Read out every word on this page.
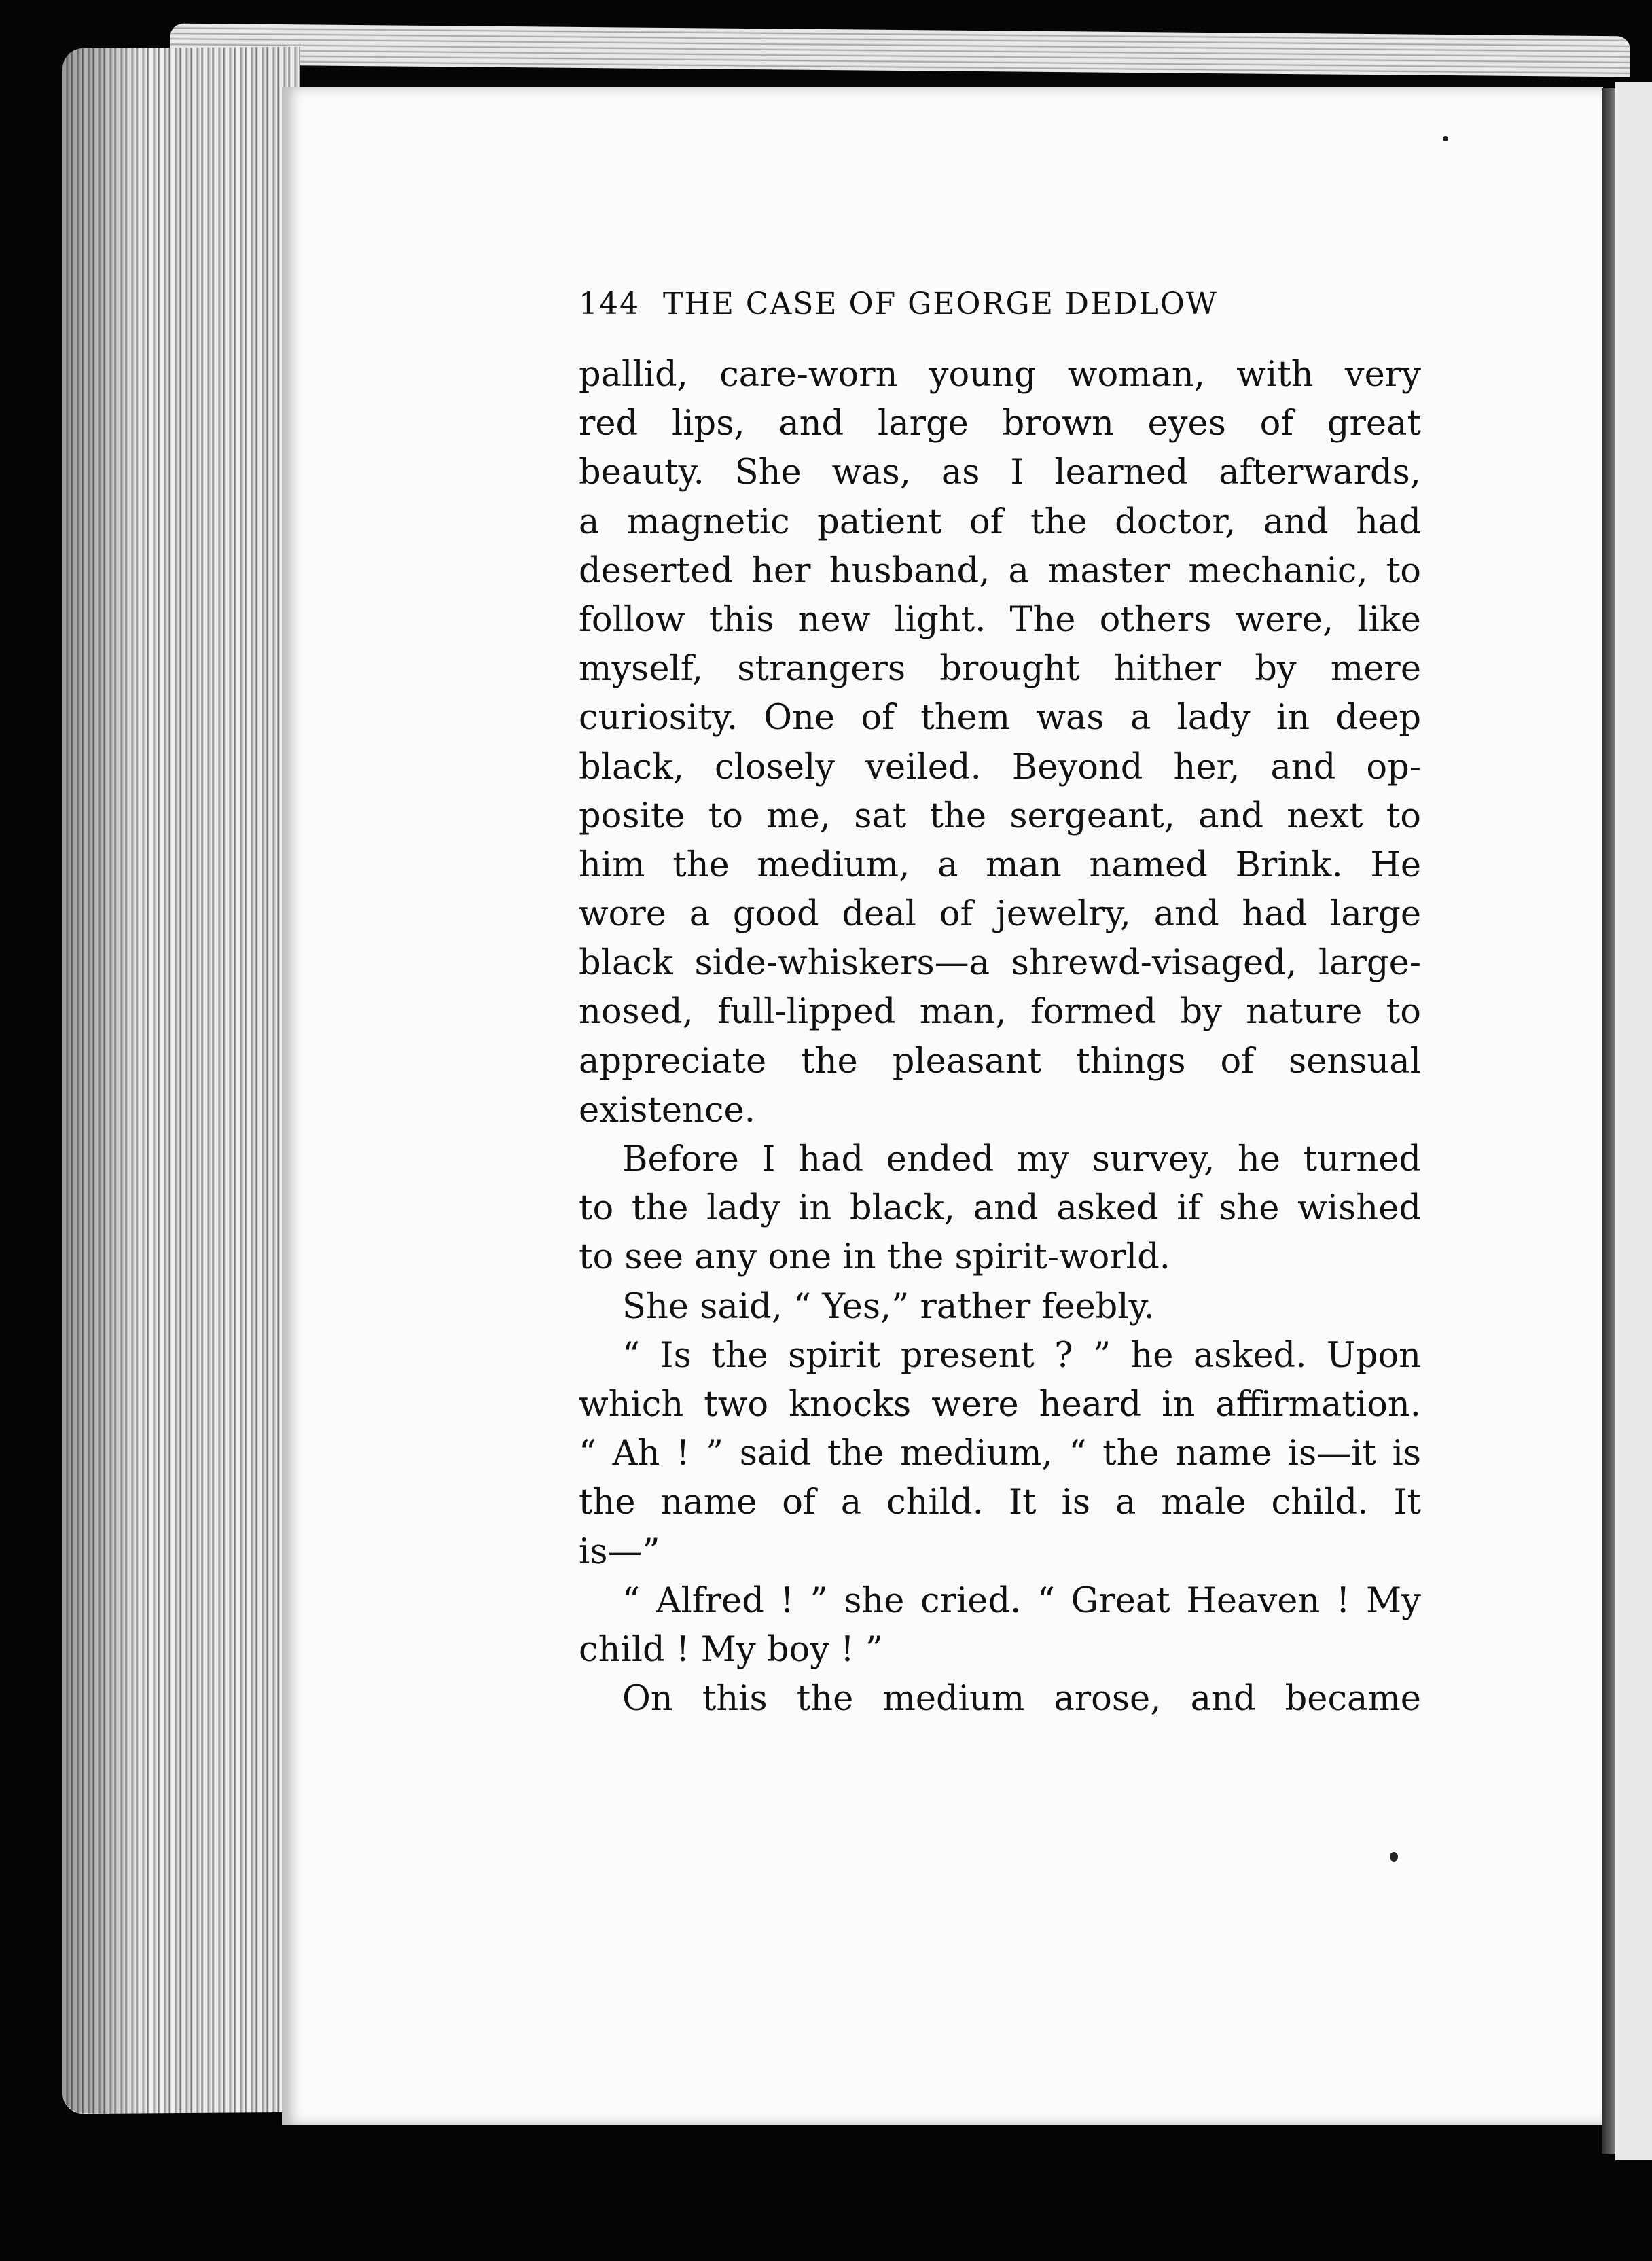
144 THE CASE OF GEORGE DEDLOW
pallid, care-worn young woman, with very
red lips, and large brown eyes of great
beauty. She was, as I learned afterwards,
a magnetic patient of the doctor, and had
deserted her husband, a master mechanic, to
follow this new light. The others were, like
myself, strangers brought hither by mere
curiosity. One of them was a lady in deep
black, closely veiled. Beyond her, and op-
posite to me, sat the sergeant, and next to
him the medium, a man named Brink. He
wore a good deal of jewelry, and had large
black side-whiskers—a shrewd-visaged, large-
nosed, full-lipped man, formed by nature to
appreciate the pleasant things of sensual
existence.
Before I had ended my survey, he turned
to the lady in black, and asked if she wished
to see any one in the spirit-world.
She said, “ Yes,” rather feebly.
“ Is the spirit present ? ” he asked. Upon
which two knocks were heard in affirmation.
“ Ah ! ” said the medium, “ the name is—it is
the name of a child. It is a male child. It
is—”
“ Alfred ! ” she cried. “ Great Heaven ! My
child ! My boy ! ”
On this the medium arose, and became
